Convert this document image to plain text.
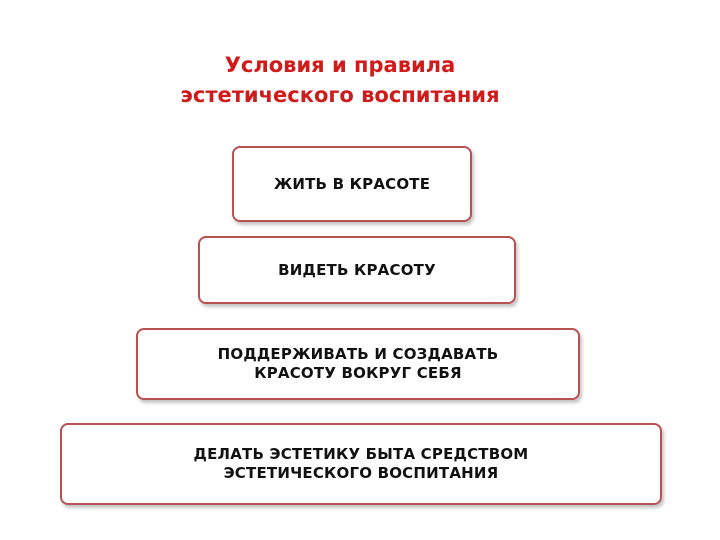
Условия и правила
эстетического воспитания
ЖИТЬ В КРАСОТЕ
ВИДЕТЬ КРАСОТУ
ПОДДЕРЖИВАТЬ И СОЗДАВАТЬ
КРАСОТУ ВОКРУГ СЕБЯ
ДЕЛАТЬ ЭСТЕТИКУ БЫТА СРЕДСТВОМ
ЭСТЕТИЧЕСКОГО ВОСПИТАНИЯ
